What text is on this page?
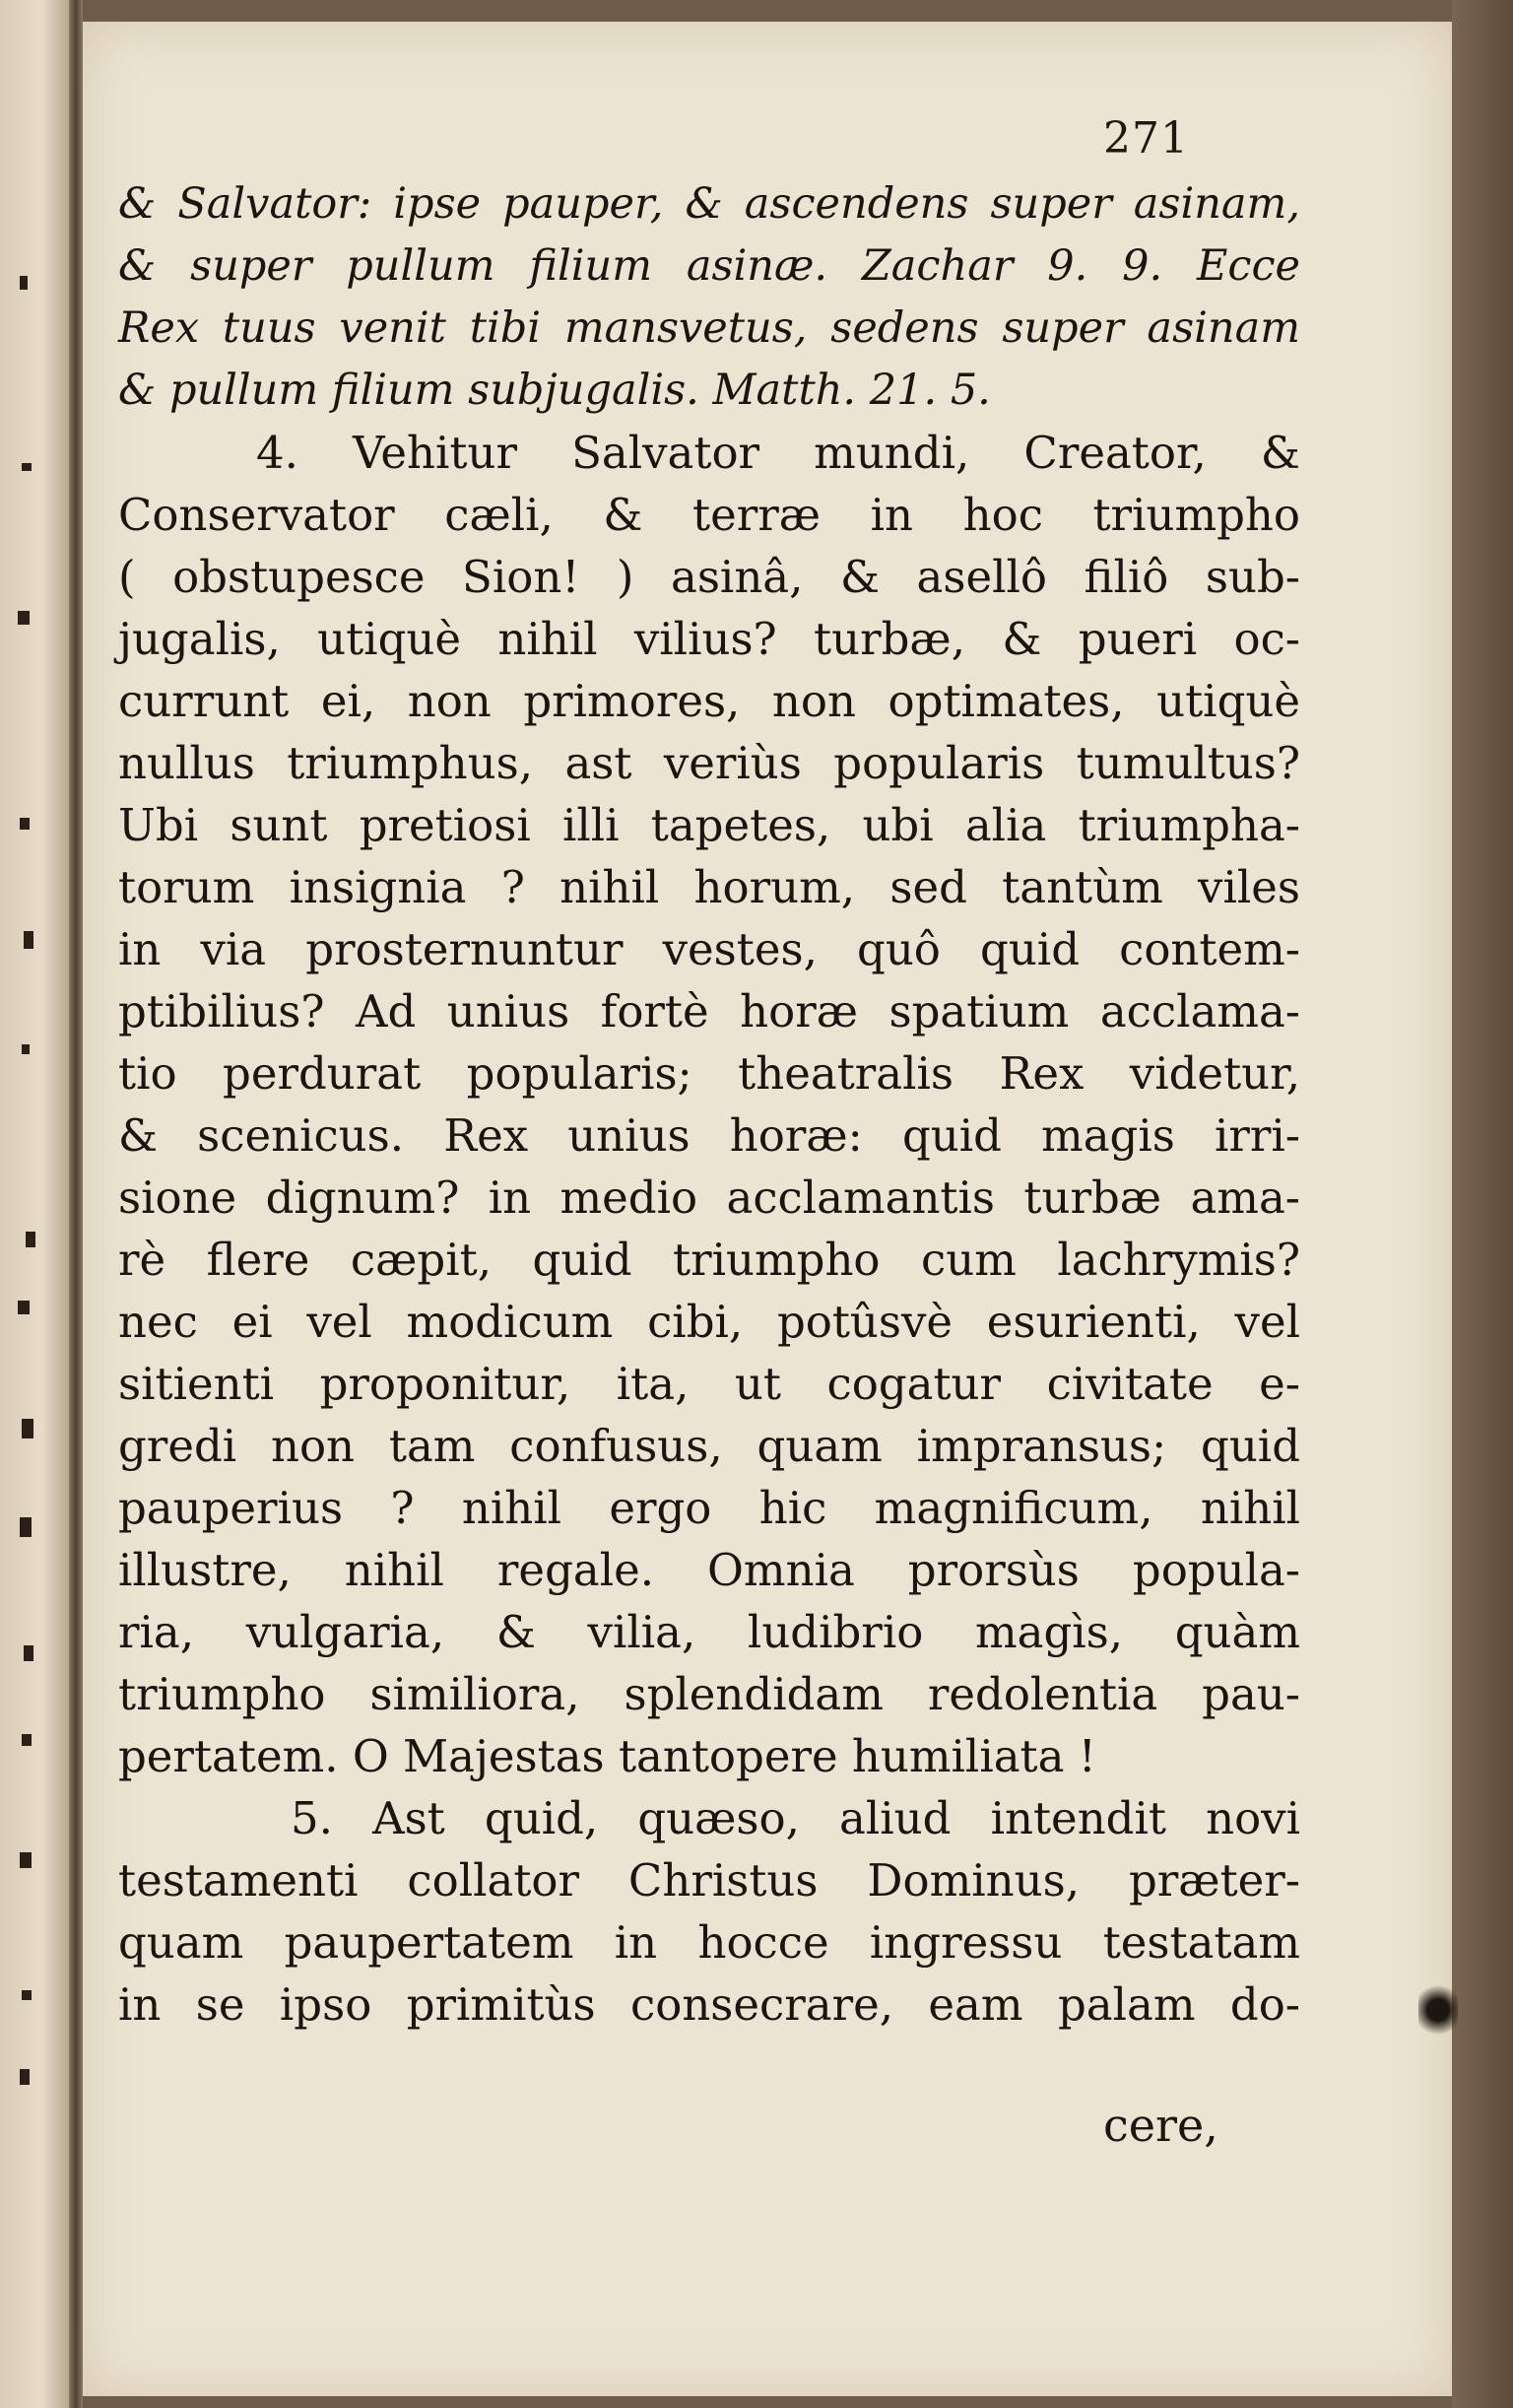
271
& Salvator: ipse pauper, & ascendens super asinam,
& super pullum filium asinæ. Zachar 9. 9. Ecce
Rex tuus venit tibi mansvetus, sedens super asinam
& pullum filium subjugalis. Matth. 21. 5.
4. Vehitur Salvator mundi, Creator, &
Conservator cæli, & terræ in hoc triumpho
( obstupesce Sion! ) asinâ, & asellô filiô sub-
jugalis, utiquè nihil vilius? turbæ, & pueri oc-
currunt ei, non primores, non optimates, utiquè
nullus triumphus, ast veriùs popularis tumultus?
Ubi sunt pretiosi illi tapetes, ubi alia triumpha-
torum insignia ? nihil horum, sed tantùm viles
in via prosternuntur vestes, quô quid contem-
ptibilius? Ad unius fortè horæ spatium acclama-
tio perdurat popularis; theatralis Rex videtur,
& scenicus. Rex unius horæ: quid magis irri-
sione dignum? in medio acclamantis turbæ ama-
rè flere cæpit, quid triumpho cum lachrymis?
nec ei vel modicum cibi, potûsvè esurienti, vel
sitienti proponitur, ita, ut cogatur civitate e-
gredi non tam confusus, quam impransus; quid
pauperius ? nihil ergo hic magnificum, nihil
illustre, nihil regale. Omnia prorsùs popula-
ria, vulgaria, & vilia, ludibrio magìs, quàm
triumpho similiora, splendidam redolentia pau-
pertatem. O Majestas tantopere humiliata !
5. Ast quid, quæso, aliud intendit novi
testamenti collator Christus Dominus, præter-
quam paupertatem in hocce ingressu testatam
in se ipso primitùs consecrare, eam palam do-
cere,
